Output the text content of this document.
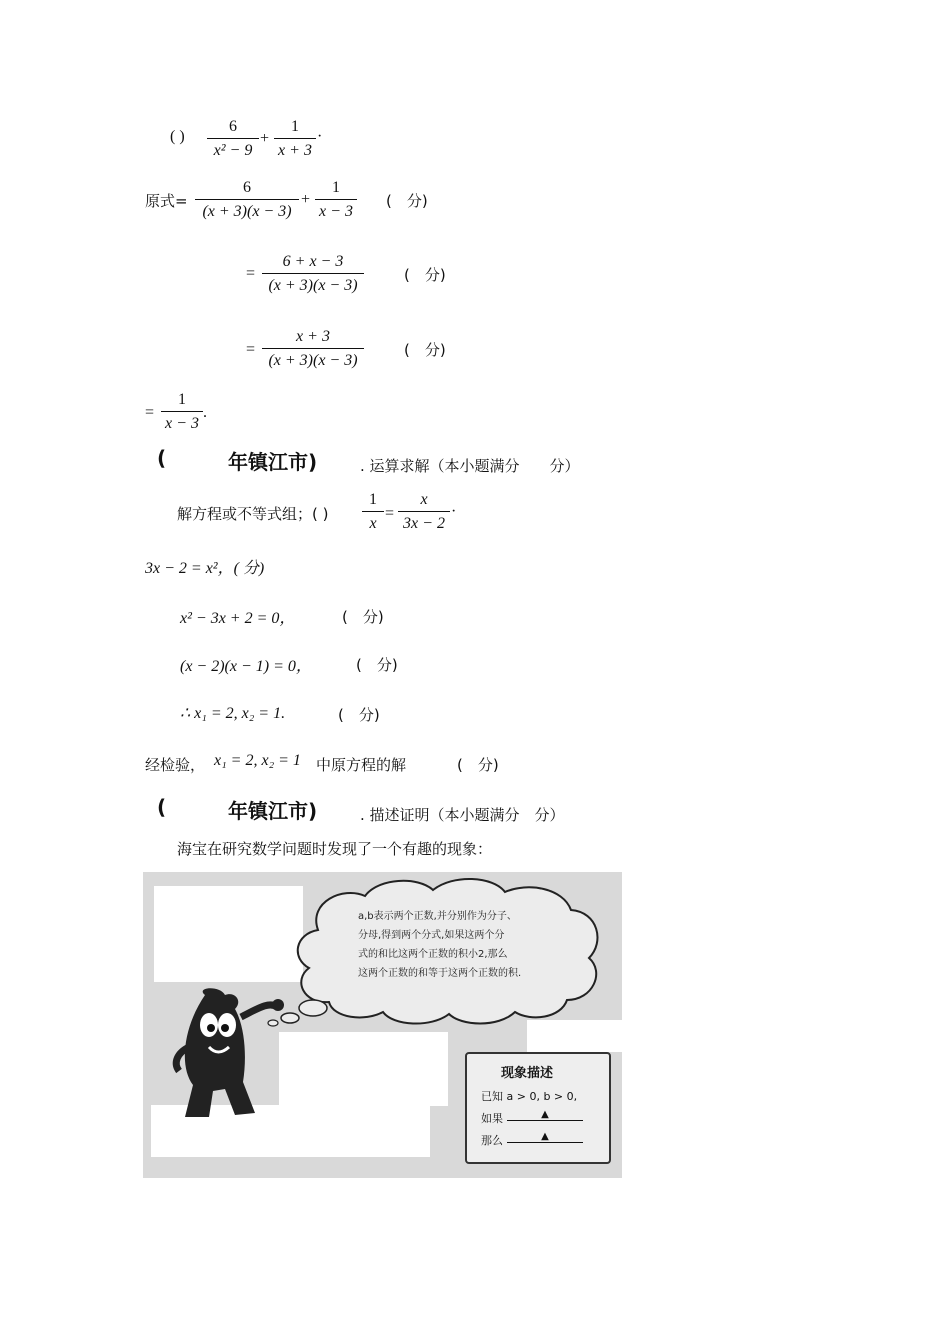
( ) $\frac{6}{\text{x² − 9}} + \frac{1}{x + 3}$ ·
原式= $\frac{6}{(x + 3)(x - 3)} + \frac{1}{x - 3}$ (　分)
= $\frac{6 + x - 3}{(x + 3)(x - 3)}$	(　分)
= $\frac{x + 3}{(x + 3)(x - 3)}$	(　分)
= $\frac{1}{x - 3}$ .
(	年镇江市)	. 运算求解（本小题满分　　分）
解方程或不等式组；( ) $\frac{1}{x} = \frac{x}{3x - 2}$ ·
3x − 2 = x²，( 分)
x² − 3x + 2 = 0，	(　分)
(x − 2)(x − 1) = 0，	(　分)
∴ x₁ = 2, x₂ = 1.	(　分)
经检验， x₁ = 2, x₂ = 1 中原方程的解	(　分)
(	年镇江市)	. 描述证明（本小题满分　分）
海宝在研究数学问题时发现了一个有趣的现象：
a,b表示两个正数,并分别作为分子、
分母,得到两个分式,如果这两个分
式的和比这两个正数的积小2,那么
这两个正数的和等于这两个正数的积.
现象描述
已知 a > 0, b > 0,
如果	▲
那么	▲
